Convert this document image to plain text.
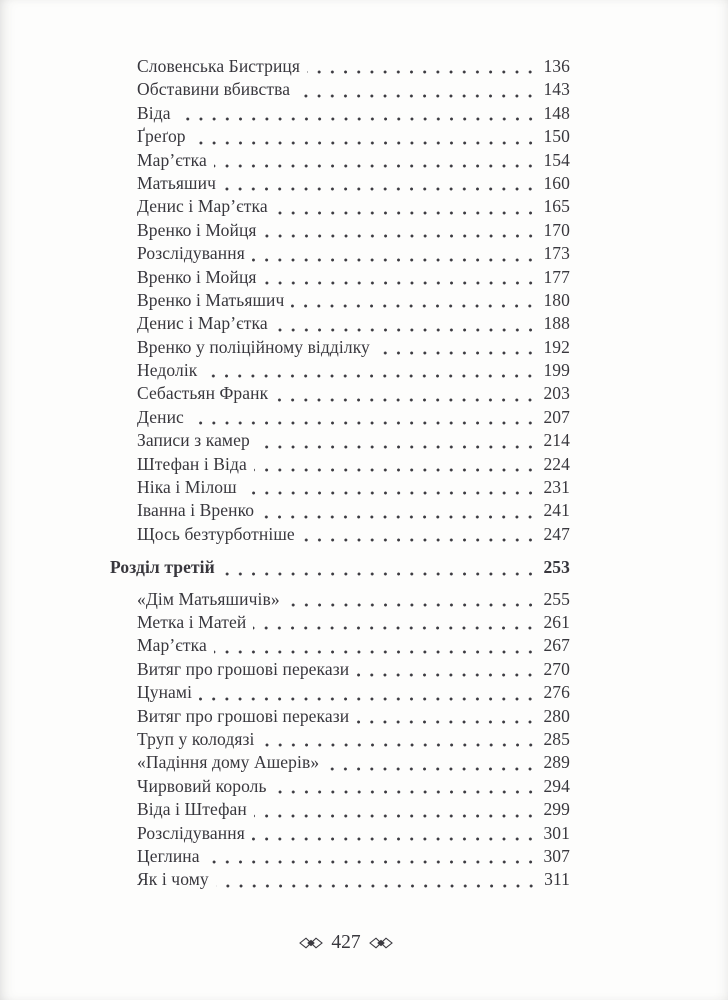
Словенська Бистриця	136
Обставини вбивства	143
Віда	148
Ґреґор	150
Мар’єтка	154
Матьяшич	160
Денис і Мар’єтка	165
Вренко і Мойця	170
Розслідування	173
Вренко і Мойця	177
Вренко і Матьяшич	180
Денис і Мар’єтка	188
Вренко у поліційному відділку	192
Недолік	199
Себастьян Франк	203
Денис	207
Записи з камер	214
Штефан і Віда	224
Ніка і Мілош	231
Іванна і Вренко	241
Щось безтурботніше	247
Розділ третій	253
«Дім Матьяшичів»	255
Метка і Матей	261
Мар’єтка	267
Витяг про грошові перекази	270
Цунамі	276
Витяг про грошові перекази	280
Труп у колодязі	285
«Падіння дому Ашерів»	289
Чирвовий король	294
Віда і Штефан	299
Розслідування	301
Цеглина	307
Як і чому	311
427
